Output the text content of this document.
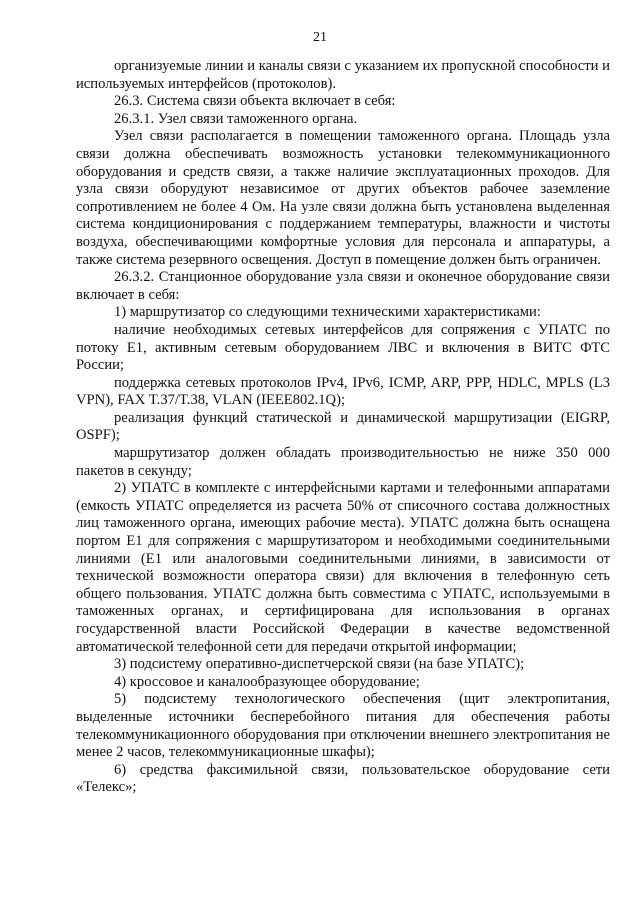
21

организуемые линии и каналы связи с указанием их пропускной способности и используемых интерфейсов (протоколов).

26.3. Система связи объекта включает в себя:

26.3.1. Узел связи таможенного органа.

Узел связи располагается в помещении таможенного органа. Площадь узла связи должна обеспечивать возможность установки телекоммуникационного оборудования и средств связи, а также наличие эксплуатационных проходов. Для узла связи оборудуют независимое от других объектов рабочее заземление сопротивлением не более 4 Ом. На узле связи должна быть установлена выделенная система кондиционирования с поддержанием температуры, влажности и чистоты воздуха, обеспечивающими комфортные условия для персонала и аппаратуры, а также система резервного освещения. Доступ в помещение должен быть ограничен.

26.3.2. Станционное оборудование узла связи и оконечное оборудование связи включает в себя:

1) маршрутизатор со следующими техническими характеристиками:

наличие необходимых сетевых интерфейсов для сопряжения с УПАТС по потоку Е1, активным сетевым оборудованием ЛВС и включения в ВИТС ФТС России;

поддержка сетевых протоколов IPv4, IPv6, ICMP, ARP, PPP, HDLC, MPLS (L3 VPN), FAX T.37/T.38, VLAN (IEEE802.1Q);

реализация функций статической и динамической маршрутизации (EIGRP, OSPF);

маршрутизатор должен обладать производительностью не ниже 350 000 пакетов в секунду;

2) УПАТС в комплекте с интерфейсными картами и телефонными аппаратами (емкость УПАТС определяется из расчета 50% от списочного состава должностных лиц таможенного органа, имеющих рабочие места). УПАТС должна быть оснащена портом Е1 для сопряжения с маршрутизатором и необходимыми соединительными линиями (Е1 или аналоговыми соединительными линиями, в зависимости от технической возможности оператора связи) для включения в телефонную сеть общего пользования. УПАТС должна быть совместима с УПАТС, используемыми в таможенных органах, и сертифицирована для использования в органах государственной власти Российской Федерации в качестве ведомственной автоматической телефонной сети для передачи открытой информации;

3) подсистему оперативно-диспетчерской связи (на базе УПАТС);

4) кроссовое и каналообразующее оборудование;

5) подсистему технологического обеспечения (щит электропитания, выделенные источники бесперебойного питания для обеспечения работы телекоммуникационного оборудования при отключении внешнего электропитания не менее 2 часов, телекоммуникационные шкафы);

6) средства факсимильной связи, пользовательское оборудование сети «Телекс»;
